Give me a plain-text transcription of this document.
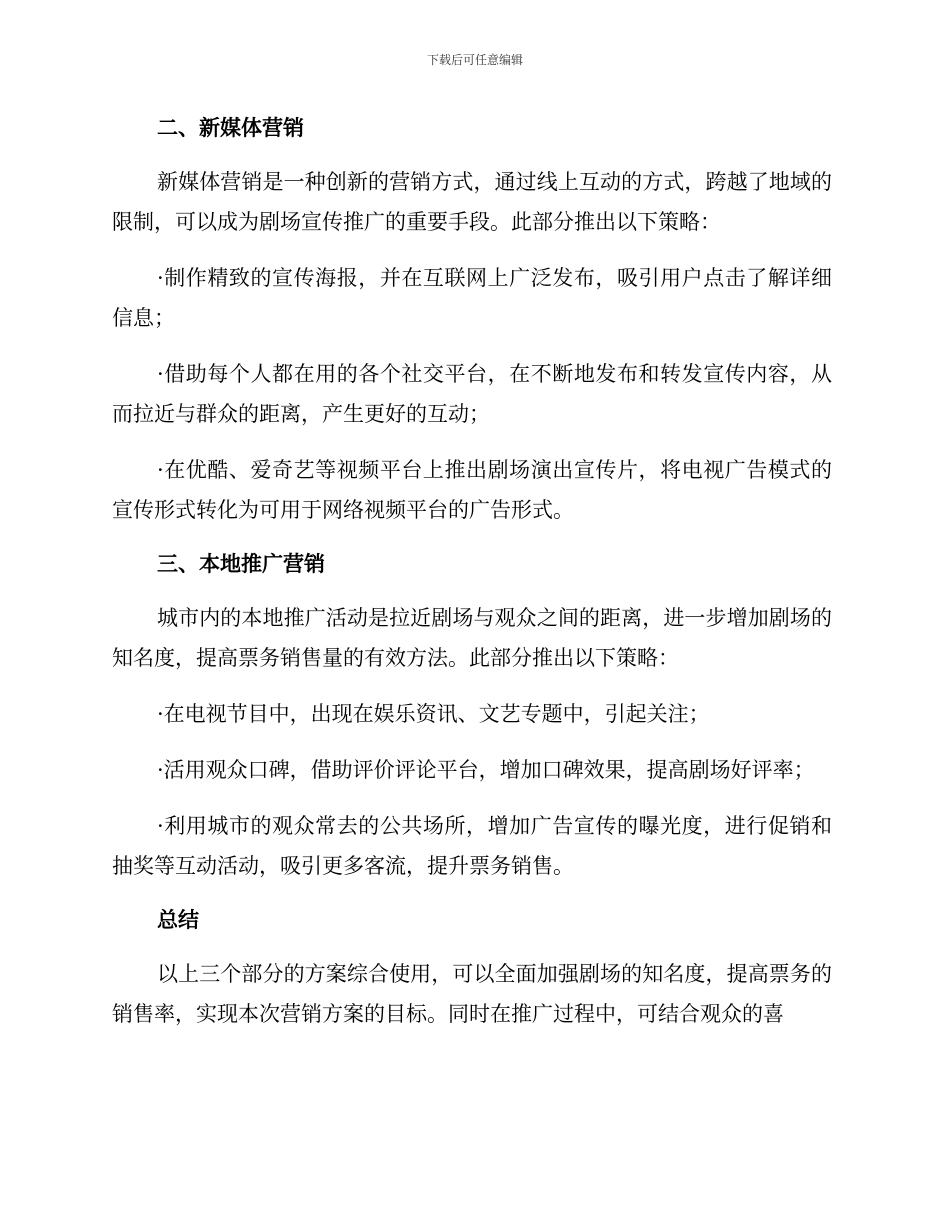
下载后可任意编辑
二、新媒体营销

新媒体营销是一种创新的营销方式，通过线上互动的方式，跨越了地域的限制，可以成为剧场宣传推广的重要手段。此部分推出以下策略：

·制作精致的宣传海报，并在互联网上广泛发布，吸引用户点击了解详细信息；

·借助每个人都在用的各个社交平台，在不断地发布和转发宣传内容，从而拉近与群众的距离，产生更好的互动；

·在优酷、爱奇艺等视频平台上推出剧场演出宣传片，将电视广告模式的宣传形式转化为可用于网络视频平台的广告形式。

三、本地推广营销

城市内的本地推广活动是拉近剧场与观众之间的距离，进一步增加剧场的知名度，提高票务销售量的有效方法。此部分推出以下策略：

·在电视节目中，出现在娱乐资讯、文艺专题中，引起关注；

·活用观众口碑，借助评价评论平台，增加口碑效果，提高剧场好评率；

·利用城市的观众常去的公共场所，增加广告宣传的曝光度，进行促销和抽奖等互动活动，吸引更多客流，提升票务销售。

总结

以上三个部分的方案综合使用，可以全面加强剧场的知名度，提高票务的销售率，实现本次营销方案的目标。同时在推广过程中，可结合观众的喜
